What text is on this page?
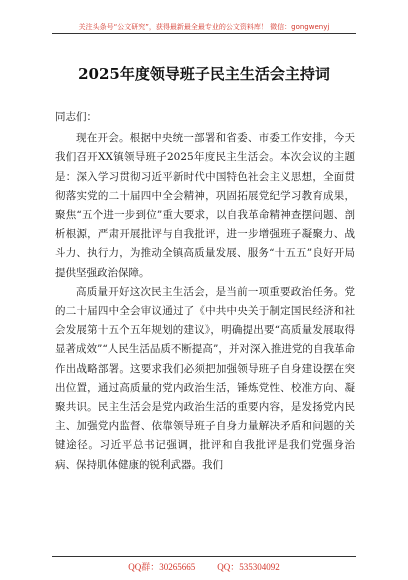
关注头条号“公文研究”，获得最新最全最专业的公文资料库！ 微信：gongwenyj
2025年度领导班子民主生活会主持词

同志们：

现在开会。根据中央统一部署和省委、市委工作安排，今天我们召开XX镇领导班子2025年度民主生活会。本次会议的主题是：深入学习贯彻习近平新时代中国特色社会主义思想，全面贯彻落实党的二十届四中全会精神，巩固拓展党纪学习教育成果，聚焦“五个进一步到位”重大要求，以自我革命精神查摆问题、剖析根源，严肃开展批评与自我批评，进一步增强班子凝聚力、战斗力、执行力，为推动全镇高质量发展、服务“十五五”良好开局提供坚强政治保障。

高质量开好这次民主生活会，是当前一项重要政治任务。党的二十届四中全会审议通过了《中共中央关于制定国民经济和社会发展第十五个五年规划的建议》，明确提出要“高质量发展取得显著成效”“人民生活品质不断提高”，并对深入推进党的自我革命作出战略部署。这要求我们必须把加强领导班子自身建设摆在突出位置，通过高质量的党内政治生活，锤炼党性、校准方向、凝聚共识。民主生活会是党内政治生活的重要内容，是发扬党内民主、加强党内监督、依靠领导班子自身力量解决矛盾和问题的关键途径。习近平总书记强调，批评和自我批评是我们党强身治病、保持肌体健康的锐利武器。我们

QQ群：30265665 QQ：535304092
